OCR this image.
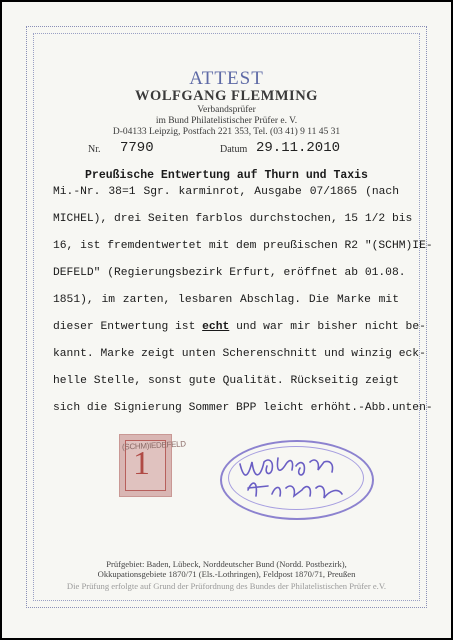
ATTEST
WOLFGANG FLEMMING
Verbandsprüfer
im Bund Philatelistischer Prüfer e. V.
D-04133 Leipzig, Postfach 221 353, Tel. (03 41) 9 11 45 31
Nr. 7790	Datum 29.11.2010
Preußische Entwertung auf Thurn und Taxis
Mi.-Nr. 38=1 Sgr. karminrot, Ausgabe 07/1865 (nach
MICHEL), drei Seiten farblos durchstochen, 15 1/2 bis
16, ist fremdentwertet mit dem preußischen R2 "(SCHM)IE-
DEFELD" (Regierungsbezirk Erfurt, eröffnet ab 01.08.
1851), im zarten, lesbaren Abschlag. Die Marke mit
dieser Entwertung ist echt und war mir bisher nicht be-
kannt. Marke zeigt unten Scherenschnitt und winzig eck-
helle Stelle, sonst gute Qualität. Rückseitig zeigt
sich die Signierung Sommer BPP leicht erhöht.-Abb.unten-
1
(SCHM)IEDEFELD
Prüfgebiet: Baden, Lübeck, Norddeutscher Bund (Nordd. Postbezirk),
Okkupationsgebiete 1870/71 (Els.-Lothringen), Feldpost 1870/71, Preußen
Die Prüfung erfolgte auf Grund der Prüfordnung des Bundes der Philatelistischen Prüfer e.V.
